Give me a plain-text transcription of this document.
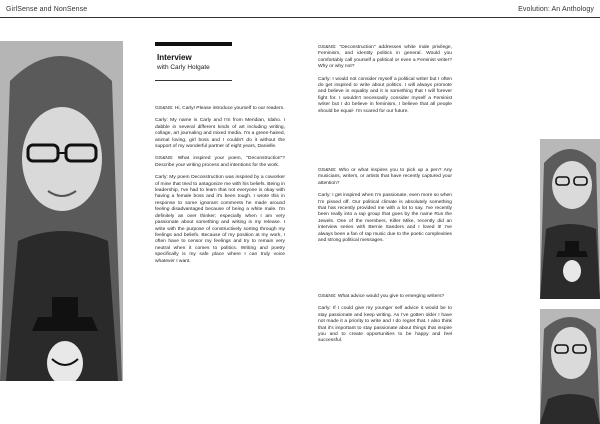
GirlSense and NonSense	Evolution: An Anthology
Interview
with Carly Holgate

GS&NS: Hi, Carly! Please introduce yourself to our readers.

Carly: My name is Carly and I'm from Meridian, Idaho. I dabble in several different kinds of art including writing, collage, art journaling and mixed media. I'm a green-haired, animal loving, girl boss and I couldn't do it without the support of my wonderful partner of eight years, Danielle.

GS&NS: What inspired your poem, "Deconstruction"? Describe your writing process and intentions for the work.

Carly: My poem Deconstruction was inspired by a coworker of mine that tried to antagonize me with his beliefs. Being in leadership, I've had to learn that not everyone is okay with having a female boss and it's been tough. I wrote this in response to some ignorant comments he made around feeling disadvantaged because of being a white male. I'm definitely an over thinker; especially when I am very passionate about something and writing is my release. I write with the purpose of constructively sorting through my feelings and beliefs. Because of my position at my work, I often have to censor my feelings and try to remain very neutral when it comes to politics. Writing and poetry specifically is my safe place where I can truly voice whatever I want.

GS&NS: "Deconstruction" addresses white male privilege, Feminism, and identity politics in general. Would you comfortably call yourself a political or even a Feminist writer? Why or why not?

Carly: I would not consider myself a political writer but I often do get inspired to write about politics. I will always promote and believe in equality and it is something that I will forever fight for. I wouldn't necessarily consider myself a Feminist writer but I do believe in feminism, I believe that all people should be equal- I'm scared for our future.

GS&NS: Who or what inspires you to pick up a pen? Any musicians, writers, or artists that have recently captured your attention?

Carly: I get inspired when I'm passionate, even more so when I'm pissed off. Our political climate is absolutely something that has recently provided me with a lot to say. I've recently been really into a rap group that goes by the name Run the Jewels. One of the members, Killer Mike, recently did an interview series with Bernie Sanders and I loved it! I've always been a fan of rap music due to the poetic complexities and strong political messages.

GS&NS: What advice would you give to emerging writers?

Carly: If I could give my younger self advice it would be to stay passionate and keep writing. As I've gotten older I have not made it a priority to write and I do regret that. I also think that it's important to stay passionate about things that inspire you and to create opportunities to be happy and feel successful.
